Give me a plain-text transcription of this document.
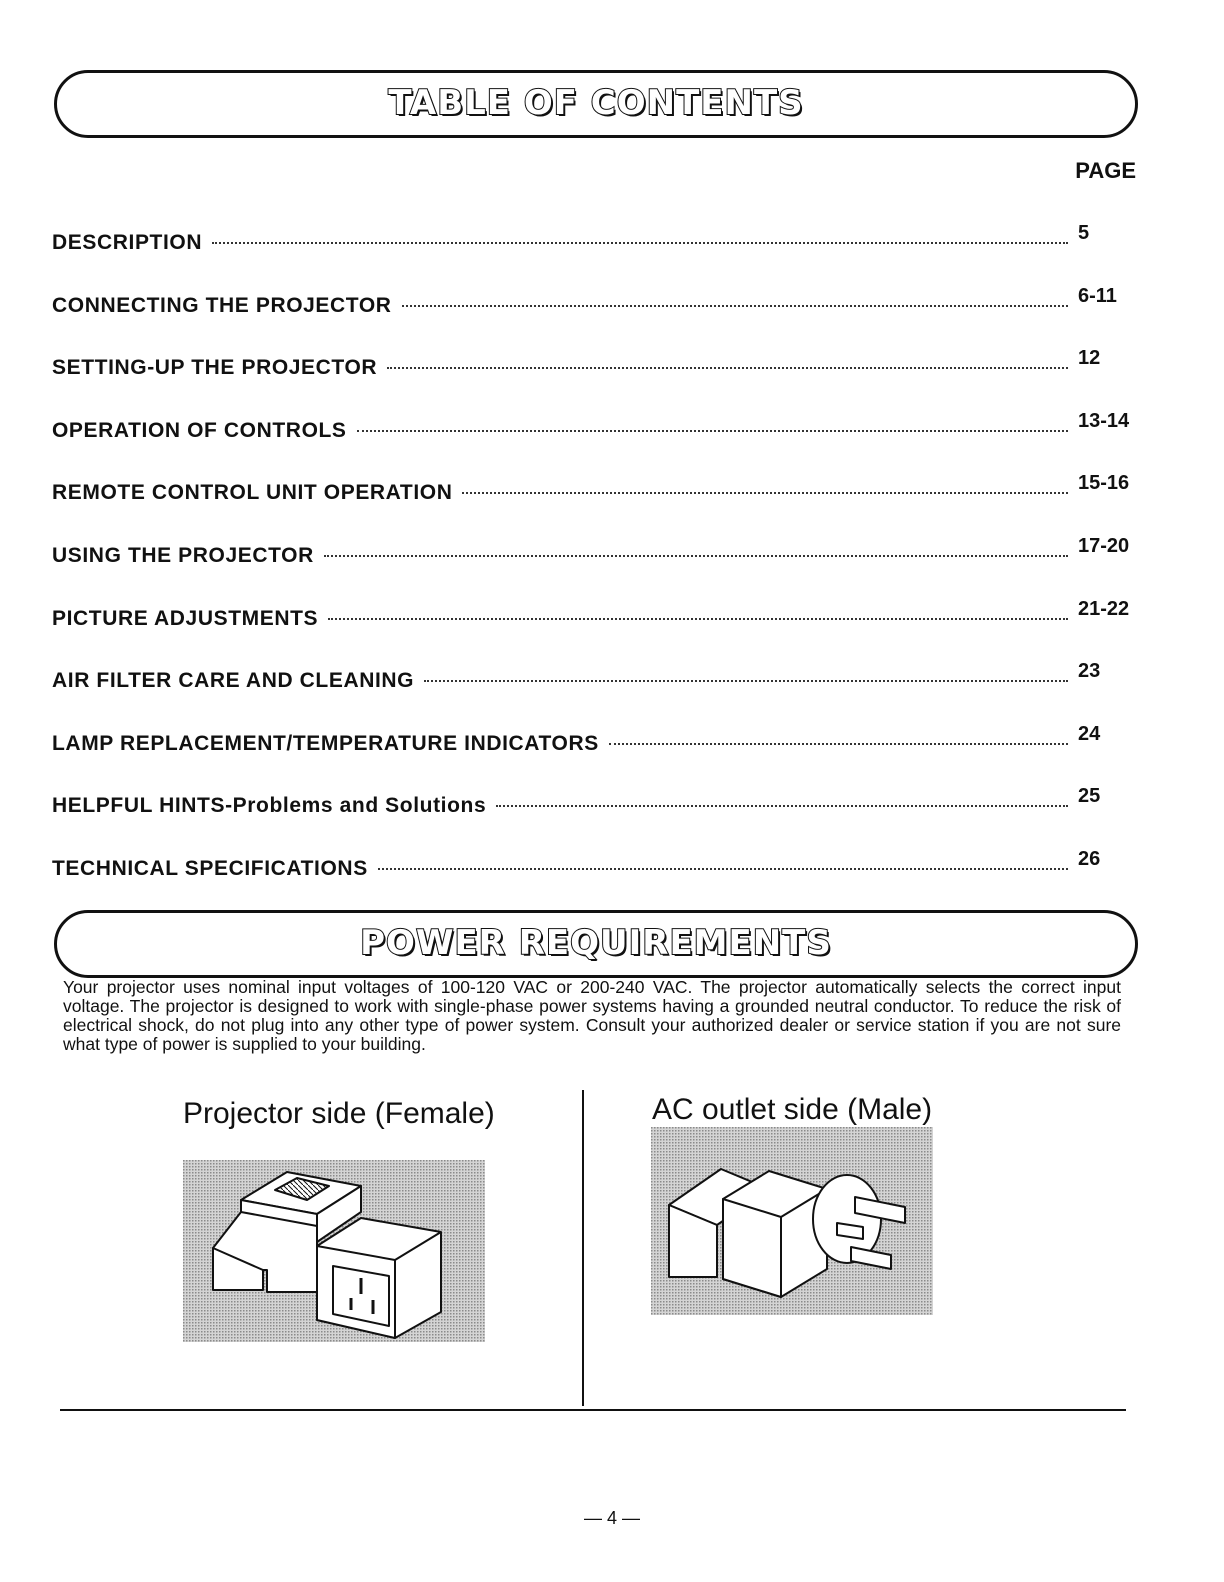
TABLE OF CONTENTS
PAGE
DESCRIPTION	5
CONNECTING THE PROJECTOR	6-11
SETTING-UP THE PROJECTOR	12
OPERATION OF CONTROLS	13-14
REMOTE CONTROL UNIT OPERATION	15-16
USING THE PROJECTOR	17-20
PICTURE ADJUSTMENTS	21-22
AIR FILTER CARE AND CLEANING	23
LAMP REPLACEMENT/TEMPERATURE INDICATORS	24
HELPFUL HINTS-Problems and Solutions	25
TECHNICAL SPECIFICATIONS	26
POWER REQUIREMENTS

Your projector uses nominal input voltages of 100-120 VAC or 200-240 VAC. The projector automatically selects the correct input voltage. The projector is designed to work with single-phase power systems having a grounded neutral conductor. To reduce the risk of electrical shock, do not plug into any other type of power system. Consult your authorized dealer or service station if you are not sure what type of power is supplied to your building.

Projector side (Female)	AC outlet side (Male)
— 4 —
